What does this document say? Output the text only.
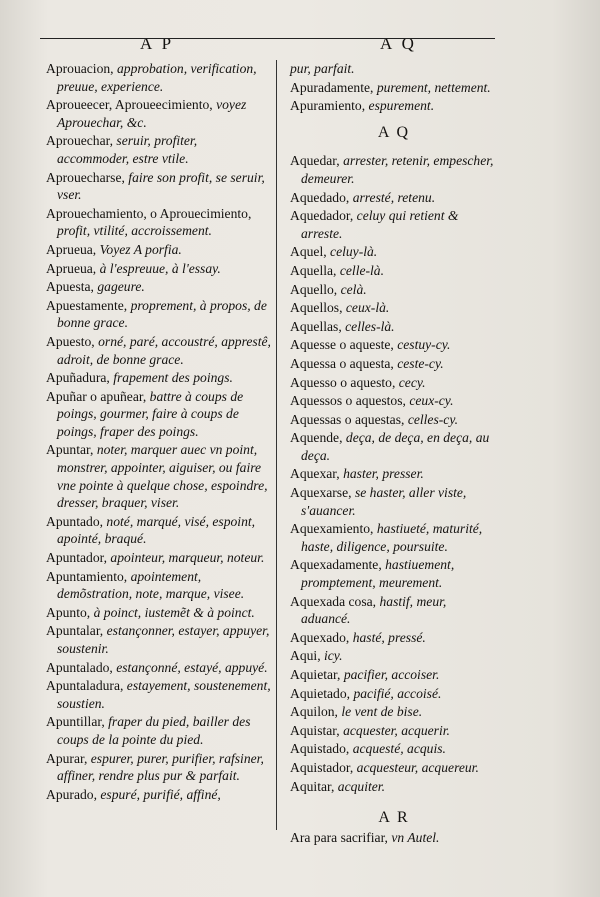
A P	A Q
Aprouacion, approbation, verification, preuue, experience.
Aproueecer, Aproueecimiento, voyez Aprouechar, &c.
Aprouechar, seruir, profiter, accommoder, estre vtile.
Aprouecharse, faire son profit, se seruir, vser.
Aprouechamiento, o Aprouecimiento, profit, vtilité, accroissement.
Aprueua, Voyez A porfia.
Aprueua, à l'espreuue, à l'essay.
Apuesta, gageure.
Apuestamente, proprement, à propos, de bonne grace.
Apuesto, orné, paré, accoustré, apprestê, adroit, de bonne grace.
Apuñadura, frapement des poings.
Apuñar o apuñear, battre à coups de poings, gourmer, faire à coups de poings, fraper des poings.
Apuntar, noter, marquer auec vn point, monstrer, appointer, aiguiser, ou faire vne pointe à quelque chose, espoindre, dresser, braquer, viser.
Apuntado, noté, marqué, visé, espoint, apointé, braqué.
Apuntador, apointeur, marqueur, noteur.
Apuntamiento, apointement, demõstration, note, marque, visee.
Apunto, à poinct, iustemẽt & à poinct.
Apuntalar, estançonner, estayer, appuyer, soustenir.
Apuntalado, estançonné, estayé, appuyé.
Apuntaladura, estayement, soustenement, soustien.
Apuntillar, fraper du pied, bailler des coups de la pointe du pied.
Apurar, espurer, purer, purifier, rafsiner, affiner, rendre plus pur & parfait.
Apurado, espuré, purifié, affiné,
pur, parfait.
Apuradamente, purement, nettement.
Apuramiento, espurement.
A Q
Aquedar, arrester, retenir, empescher, demeurer.
Aquedado, arresté, retenu.
Aquedador, celuy qui retient & arreste.
Aquel, celuy-là.
Aquella, celle-là.
Aquello, celà.
Aquellos, ceux-là.
Aquellas, celles-là.
Aquesse o aqueste, cestuy-cy.
Aquessa o aquesta, ceste-cy.
Aquesso o aquesto, cecy.
Aquessos o aquestos, ceux-cy.
Aquessas o aquestas, celles-cy.
Aquende, deça, de deça, en deça, au deça.
Aquexar, haster, presser.
Aquexarse, se haster, aller viste, s'auancer.
Aquexamiento, hastiueté, maturité, haste, diligence, poursuite.
Aquexadamente, hastiuement, promptement, meurement.
Aquexada cosa, hastif, meur, aduancé.
Aquexado, hasté, pressé.
Aqui, icy.
Aquietar, pacifier, accoiser.
Aquietado, pacifié, accoisé.
Aquilon, le vent de bise.
Aquistar, acquester, acquerir.
Aquistado, acquesté, acquis.
Aquistador, acquesteur, acquereur.
Aquitar, acquiter.
A R
Ara para sacrifiar, vn Autel.
